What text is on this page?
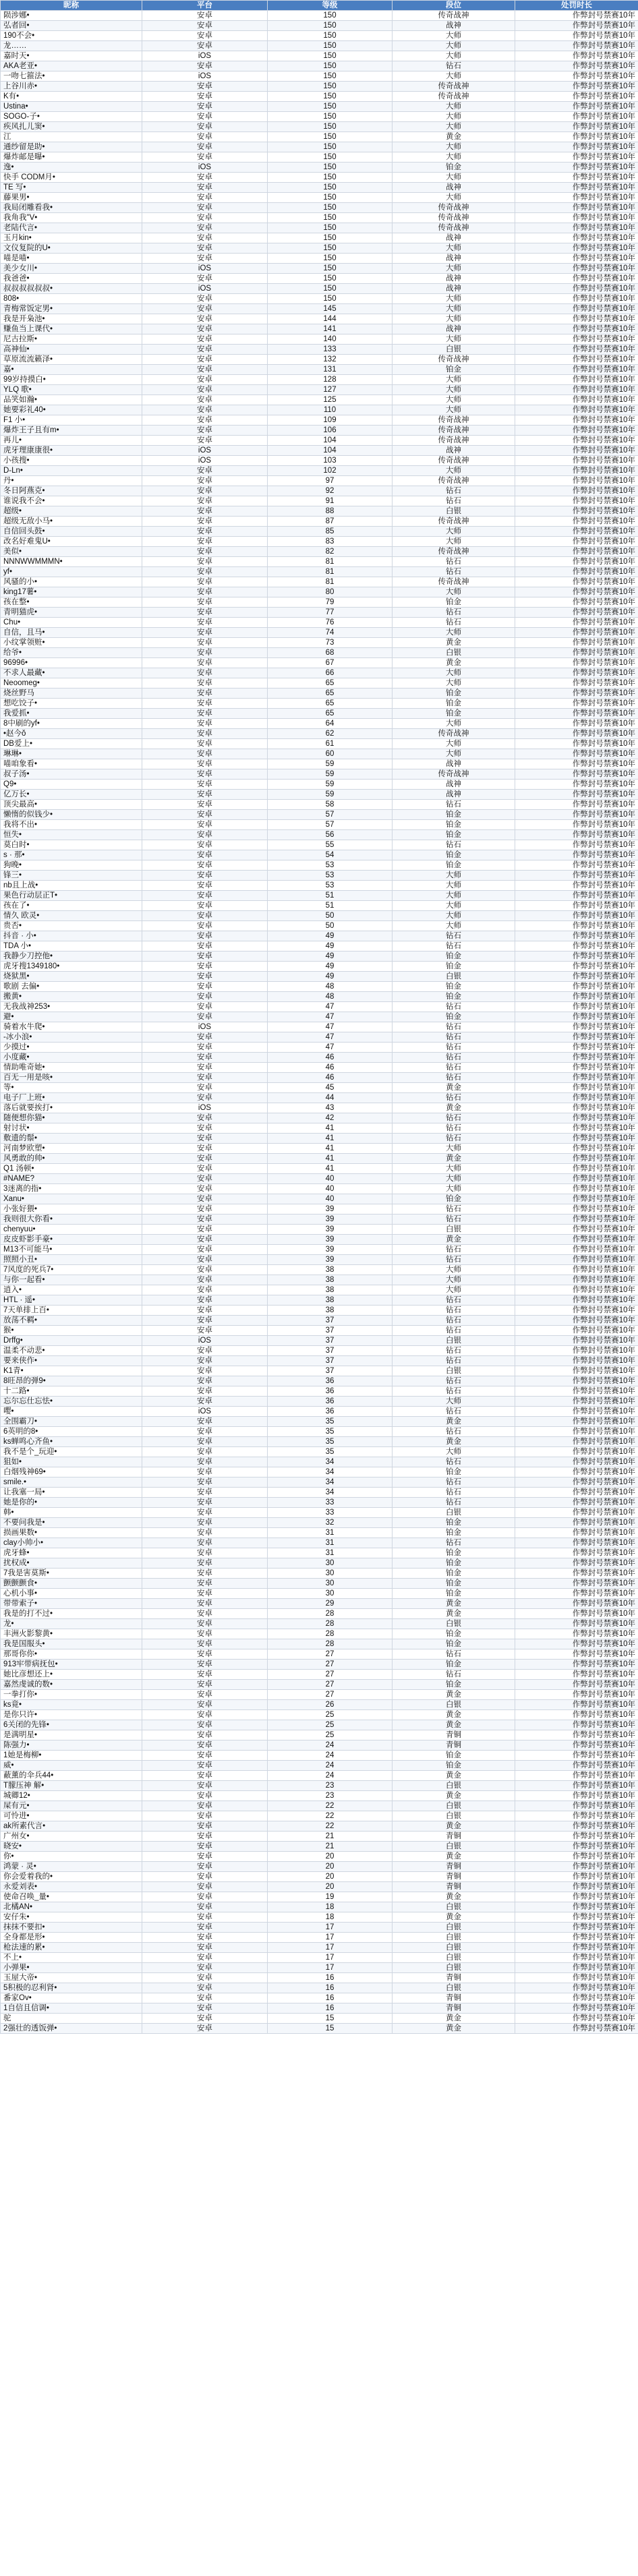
昵称	平台	等级	段位	处罚时长
陨涉娜•	安卓	150	传奇战神	作弊封号禁赛10年
弘者回•	安卓	150	战神	作弊封号禁赛10年
190不会•	安卓	150	大师	作弊封号禁赛10年
龙……	安卓	150	大师	作弊封号禁赛10年
嘉时天•	iOS	150	大师	作弊封号禁赛10年
AKA老亚•	安卓	150	钻石	作弊封号禁赛10年
一吻七箍法•	iOS	150	大师	作弊封号禁赛10年
上谷川赤•	安卓	150	传奇战神	作弊封号禁赛10年
K有•	安卓	150	传奇战神	作弊封号禁赛10年
Ustina•	安卓	150	大师	作弊封号禁赛10年
SOGO-子•	安卓	150	大师	作弊封号禁赛10年
疾风扎儿窦•	安卓	150	大师	作弊封号禁赛10年
江	安卓	150	黄金	作弊封号禁赛10年
通纱留是助•	安卓	150	大师	作弊封号禁赛10年
爆炸邮是曝•	安卓	150	大师	作弊封号禁赛10年
逸•	iOS	150	铂金	作弊封号禁赛10年
快手 CODM月•	安卓	150	大师	作弊封号禁赛10年
TE 写•	安卓	150	战神	作弊封号禁赛10年
藤果男•	安卓	150	大师	作弊封号禁赛10年
我局闭雕看我•	安卓	150	传奇战神	作弊封号禁赛10年
我角我"V•	安卓	150	传奇战神	作弊封号禁赛10年
老陆代言•	安卓	150	传奇战神	作弊封号禁赛10年
玉月kin•	安卓	150	战神	作弊封号禁赛10年
文仪复院的U•	安卓	150	大师	作弊封号禁赛10年
喵是喵•	安卓	150	战神	作弊封号禁赛10年
美少女川•	iOS	150	大师	作弊封号禁赛10年
我爸爸•	安卓	150	战神	作弊封号禁赛10年
叔叔叔叔叔叔•	iOS	150	战神	作弊封号禁赛10年
808•	安卓	150	大师	作弊封号禁赛10年
青梅常饭定男•	安卓	145	大师	作弊封号禁赛10年
我是开枭池•	安卓	144	大师	作弊封号禁赛10年
赚鱼当上课代•	安卓	141	战神	作弊封号禁赛10年
尼古拉斯•	安卓	140	大师	作弊封号禁赛10年
高神仙•	安卓	133	白银	作弊封号禁赛10年
草原流流籁泽•	安卓	132	传奇战神	作弊封号禁赛10年
嘉•	安卓	131	铂金	作弊封号禁赛10年
99岁持摸白•	安卓	128	大师	作弊封号禁赛10年
YLQ 歌•	安卓	127	大师	作弊封号禁赛10年
品笑如瀚•	安卓	125	大师	作弊封号禁赛10年
她要彩礼40•	安卓	110	大师	作弊封号禁赛10年
F1 小•	安卓	109	传奇战神	作弊封号禁赛10年
爆炸王子且有m•	安卓	106	传奇战神	作弊封号禁赛10年
再儿•	安卓	104	传奇战神	作弊封号禁赛10年
虎牙理康康很•	iOS	104	战神	作弊封号禁赛10年
小孩搜•	iOS	103	传奇战神	作弊封号禁赛10年
D-Ln•	安卓	102	大师	作弊封号禁赛10年
丹•	安卓	97	传奇战神	作弊封号禁赛10年
冬日阿燕克•	安卓	92	钻石	作弊封号禁赛10年
谁说我不会•	安卓	91	钻石	作弊封号禁赛10年
超级•	安卓	88	白银	作弊封号禁赛10年
超级无敌小马•	安卓	87	传奇战神	作弊封号禁赛10年
自信回头鼓•	安卓	85	大师	作弊封号禁赛10年
改名好难鬼U•	安卓	83	大师	作弊封号禁赛10年
美似•	安卓	82	传奇战神	作弊封号禁赛10年
NNNWWMMMN•	安卓	81	钻石	作弊封号禁赛10年
yf•	安卓	81	钻石	作弊封号禁赛10年
风骚的小•	安卓	81	传奇战神	作弊封号禁赛10年
king17薯•	安卓	80	大师	作弊封号禁赛10年
孩在整•	安卓	79	铂金	作弊封号禁赛10年
青明猫虎•	安卓	77	钻石	作弊封号禁赛10年
Chu•	安卓	76	钻石	作弊封号禁赛10年
自信，且马•	安卓	74	大师	作弊封号禁赛10年
小纹掌领赃•	安卓	73	黄金	作弊封号禁赛10年
给爷•	安卓	68	白银	作弊封号禁赛10年
96996•	安卓	67	黄金	作弊封号禁赛10年
不求人最藏•	安卓	66	大师	作弊封号禁赛10年
Neoomeg•	安卓	65	大师	作弊封号禁赛10年
烧丝野马	安卓	65	铂金	作弊封号禁赛10年
想吃饺子•	安卓	65	铂金	作弊封号禁赛10年
我爱抓•	安卓	65	铂金	作弊封号禁赛10年
8中刷的yf•	安卓	64	大师	作弊封号禁赛10年
•赵今ǒ	安卓	62	传奇战神	作弊封号禁赛10年
DB爱上•	安卓	61	大师	作弊封号禁赛10年
琳琳•	安卓	60	大师	作弊封号禁赛10年
喵咱象看•	安卓	59	战神	作弊封号禁赛10年
叔子汤•	安卓	59	传奇战神	作弊封号禁赛10年
Q9•	安卓	59	战神	作弊封号禁赛10年
亿万长•	安卓	59	战神	作弊封号禁赛10年
顶尖最高•	安卓	58	钻石	作弊封号禁赛10年
懒惰的似钱少•	安卓	57	铂金	作弊封号禁赛10年
我将不出•	安卓	57	铂金	作弊封号禁赛10年
恒失•	安卓	56	铂金	作弊封号禁赛10年
莫白时•	安卓	55	钻石	作弊封号禁赛10年
s · 那•	安卓	54	铂金	作弊封号禁赛10年
狗晚•	安卓	53	铂金	作弊封号禁赛10年
锋三•	安卓	53	大师	作弊封号禁赛10年
nb且上战•	安卓	53	大师	作弊封号禁赛10年
果色行动层正T•	安卓	51	大师	作弊封号禁赛10年
孩在了•	安卓	51	大师	作弊封号禁赛10年
情久 欧灵•	安卓	50	大师	作弊封号禁赛10年
贵否•	安卓	50	大师	作弊封号禁赛10年
抖音 · 小•	安卓	49	钻石	作弊封号禁赛10年
TDA 小•	安卓	49	钻石	作弊封号禁赛10年
我静少刀控他•	安卓	49	铂金	作弊封号禁赛10年
虎牙搜1349180•	安卓	49	铂金	作弊封号禁赛10年
烧狱黑•	安卓	49	白银	作弊封号禁赛10年
歌剧 去偏•	安卓	48	铂金	作弊封号禁赛10年
搬黄•	安卓	48	铂金	作弊封号禁赛10年
无我战神253•	安卓	47	钻石	作弊封号禁赛10年
避•	安卓	47	铂金	作弊封号禁赛10年
骑着水牛爬•	iOS	47	钻石	作弊封号禁赛10年
-冰小浪•	安卓	47	钻石	作弊封号禁赛10年
少摸过•	安卓	47	钻石	作弊封号禁赛10年
小度藏•	安卓	46	钻石	作弊封号禁赛10年
情助唯奇她•	安卓	46	钻石	作弊封号禁赛10年
百无一用是咳•	安卓	46	钻石	作弊封号禁赛10年
等•	安卓	45	黄金	作弊封号禁赛10年
电子厂上班•	安卓	44	钻石	作弊封号禁赛10年
落后就要挨打•	iOS	43	黄金	作弊封号禁赛10年
随便想你猫•	安卓	42	钻石	作弊封号禁赛10年
射讨状•	安卓	41	钻石	作弊封号禁赛10年
敷遗的鬃•	安卓	41	钻石	作弊封号禁赛10年
河南梦欧塑•	安卓	41	大师	作弊封号禁赛10年
风勇敢的帅•	安卓	41	黄金	作弊封号禁赛10年
Q1 汤顿•	安卓	41	大师	作弊封号禁赛10年
#NAME?	安卓	40	大师	作弊封号禁赛10年
3迷离的指•	安卓	40	大师	作弊封号禁赛10年
Xanu•	安卓	40	铂金	作弊封号禁赛10年
小张好猥•	安卓	39	钻石	作弊封号禁赛10年
我则很大你看•	安卓	39	钻石	作弊封号禁赛10年
chenyuu•	安卓	39	白银	作弊封号禁赛10年
皮皮虾影手豪•	安卓	39	黄金	作弊封号禁赛10年
M13不可能马•	安卓	39	钻石	作弊封号禁赛10年
照照小丑•	安卓	39	钻石	作弊封号禁赛10年
7风度的死兵7•	安卓	38	大师	作弊封号禁赛10年
与你一起看•	安卓	38	大师	作弊封号禁赛10年
逍入•	安卓	38	大师	作弊封号禁赛10年
HTL · 遥•	安卓	38	钻石	作弊封号禁赛10年
7天单排上百•	安卓	38	钻石	作弊封号禁赛10年
放荡不羁•	安卓	37	钻石	作弊封号禁赛10年
猴•	安卓	37	钻石	作弊封号禁赛10年
Drffg•	iOS	37	白银	作弊封号禁赛10年
温柔不动悲•	安卓	37	钻石	作弊封号禁赛10年
要来侠作•	安卓	37	钻石	作弊封号禁赛10年
K1青•	安卓	37	白银	作弊封号禁赛10年
8旺昂的弹9•	安卓	36	钻石	作弊封号禁赛10年
十二路•	安卓	36	钻石	作弊封号禁赛10年
忘尔忘仕忘怯•	安卓	36	大师	作弊封号禁赛10年
嘤•	iOS	36	钻石	作弊封号禁赛10年
全围霸刀•	安卓	35	黄金	作弊封号禁赛10年
6英明的8•	安卓	35	钻石	作弊封号禁赛10年
ks蝉鸣心齐鱼•	安卓	35	黄金	作弊封号禁赛10年
我不是个_玩迎•	安卓	35	大师	作弊封号禁赛10年
狙如•	安卓	34	钻石	作弊封号禁赛10年
白烟残神69•	安卓	34	铂金	作弊封号禁赛10年
smile.•	安卓	34	钻石	作弊封号禁赛10年
让我塞一局•	安卓	34	钻石	作弊封号禁赛10年
她是你的•	安卓	33	钻石	作弊封号禁赛10年
韩•	安卓	33	白银	作弊封号禁赛10年
不要问我是•	安卓	32	铂金	作弊封号禁赛10年
损画果数•	安卓	31	铂金	作弊封号禁赛10年
clay小帅小•	安卓	31	钻石	作弊封号禁赛10年
虎牙蜂•	安卓	31	铂金	作弊封号禁赛10年
扰权成•	安卓	30	铂金	作弊封号禁赛10年
7我是害莫斯•	安卓	30	铂金	作弊封号禁赛10年
颤颤颤食•	安卓	30	铂金	作弊封号禁赛10年
心机小事•	安卓	30	铂金	作弊封号禁赛10年
带带索子•	安卓	29	黄金	作弊封号禁赛10年
我是的打不过•	安卓	28	黄金	作弊封号禁赛10年
龙•	安卓	28	白银	作弊封号禁赛10年
丰洲火影黎黄•	安卓	28	铂金	作弊封号禁赛10年
我是国服头•	安卓	28	铂金	作弊封号禁赛10年
那哥你你•	安卓	27	钻石	作弊封号禁赛10年
913牢带病抚包•	安卓	27	铂金	作弊封号禁赛10年
她比彦想还上•	安卓	27	钻石	作弊封号禁赛10年
嘉然虔诚的数•	安卓	27	铂金	作弊封号禁赛10年
一拳打你•	安卓	27	黄金	作弊封号禁赛10年
ks竟•	安卓	26	白银	作弊封号禁赛10年
是你只许•	安卓	25	黄金	作弊封号禁赛10年
6关闭的先锋•	安卓	25	黄金	作弊封号禁赛10年
是满明星•	安卓	25	青铜	作弊封号禁赛10年
陈强力•	安卓	24	青铜	作弊封号禁赛10年
1她是梅柳•	安卓	24	铂金	作弊封号禁赛10年
威•	安卓	24	铂金	作弊封号禁赛10年
蔽薰的伞兵44•	安卓	24	黄金	作弊封号禁赛10年
T朦压神 解•	安卓	23	白银	作弊封号禁赛10年
城卿12•	安卓	23	黄金	作弊封号禁赛10年
屎有元•	安卓	22	白银	作弊封号禁赛10年
可怜进•	安卓	22	白银	作弊封号禁赛10年
ak所素代言•	安卓	22	黄金	作弊封号禁赛10年
广州女•	安卓	21	青铜	作弊封号禁赛10年
晓安•	安卓	21	白银	作弊封号禁赛10年
你•	安卓	20	黄金	作弊封号禁赛10年
鸿蒙 · 灵•	安卓	20	青铜	作弊封号禁赛10年
你会爱着我的•	安卓	20	青铜	作弊封号禁赛10年
永爱刘表•	安卓	20	青铜	作弊封号禁赛10年
使命召唤_量•	安卓	19	黄金	作弊封号禁赛10年
北橘AN•	安卓	18	白银	作弊封号禁赛10年
安仔朱•	安卓	18	黄金	作弊封号禁赛10年
抹抹不要扣•	安卓	17	白银	作弊封号禁赛10年
全身都是形•	安卓	17	白银	作弊封号禁赛10年
枪法速的累•	安卓	17	白银	作弊封号禁赛10年
不上•	安卓	17	白银	作弊封号禁赛10年
小弹果•	安卓	17	白银	作弊封号禁赛10年
玉屋大帝•	安卓	16	青铜	作弊封号禁赛10年
5积极的忍利肾•	安卓	16	白银	作弊封号禁赛10年
番家Ov•	安卓	16	青铜	作弊封号禁赛10年
1自信且信调•	安卓	16	青铜	作弊封号禁赛10年
驼	安卓	15	黄金	作弊封号禁赛10年
2强壮的透饭弹•	安卓	15	黄金	作弊封号禁赛10年
